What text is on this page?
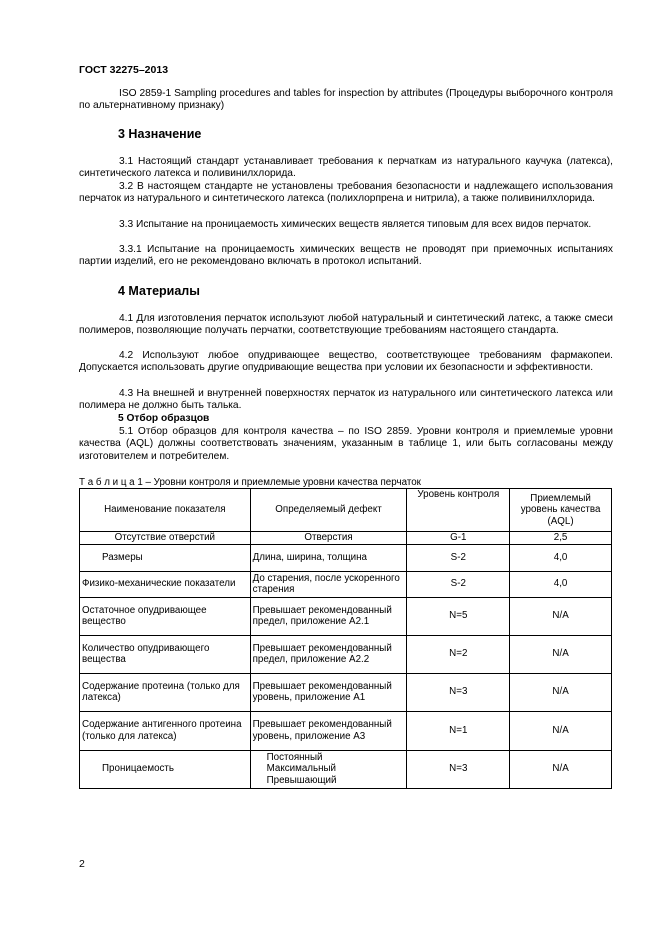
ГОСТ 32275–2013
ISO 2859-1 Sampling procedures and tables for inspection by attributes (Процедуры выборочного контроля по альтернативному признаку)
3 Назначение
3.1 Настоящий стандарт устанавливает требования к перчаткам из натурального каучука (латекса), синтетического латекса и поливинилхлорида.
3.2 В настоящем стандарте не установлены требования безопасности и надлежащего использования перчаток из натурального и синтетического латекса (полихлорпрена и нитрила), а также поливинилхлорида.
3.3 Испытание на проницаемость химических веществ является типовым для всех видов перчаток.
3.3.1 Испытание на проницаемость химических веществ не проводят при приемочных испытаниях партии изделий, его не рекомендовано включать в протокол испытаний.
4 Материалы
4.1 Для изготовления перчаток используют любой натуральный и синтетический латекс, а также смеси полимеров, позволяющие получать перчатки, соответствующие требованиям настоящего стандарта.
4.2 Используют любое опудривающее вещество, соответствующее требованиям фармакопеи. Допускается использовать другие опудривающие вещества при условии их безопасности и эффективности.
4.3 На внешней и внутренней поверхностях перчаток из натурального или синтетического латекса или полимера не должно быть талька.
5 Отбор образцов
5.1 Отбор образцов для контроля качества – по ISO 2859. Уровни контроля и приемлемые уровни качества (AQL) должны соответствовать значениям, указанным в таблице 1, или быть согласованы между изготовителем и потребителем.
Т а б л и ц а 1 – Уровни контроля и приемлемые уровни качества перчаток
Наименование показателя	Определяемый дефект	Уровень контроля	Приемлемый уровень качества (AQL)
Отсутствие отверстий	Отверстия	G-1	2,5
Размеры	Длина, ширина, толщина	S-2	4,0
Физико-механические показатели	До старения, после ускоренного старения	S-2	4,0
Остаточное опудривающее вещество	Превышает рекомендованный предел, приложение А2.1	N=5	N/A
Количество опудривающего вещества	Превышает рекомендованный предел, приложение А2.2	N=2	N/A
Содержание протеина (только для латекса)	Превышает рекомендованный уровень, приложение А1	N=3	N/A
Содержание антигенного протеина (только для латекса)	Превышает рекомендованный уровень, приложение А3	N=1	N/A
Проницаемость	Постоянный Максимальный Превышающий	N=3	N/A
2
